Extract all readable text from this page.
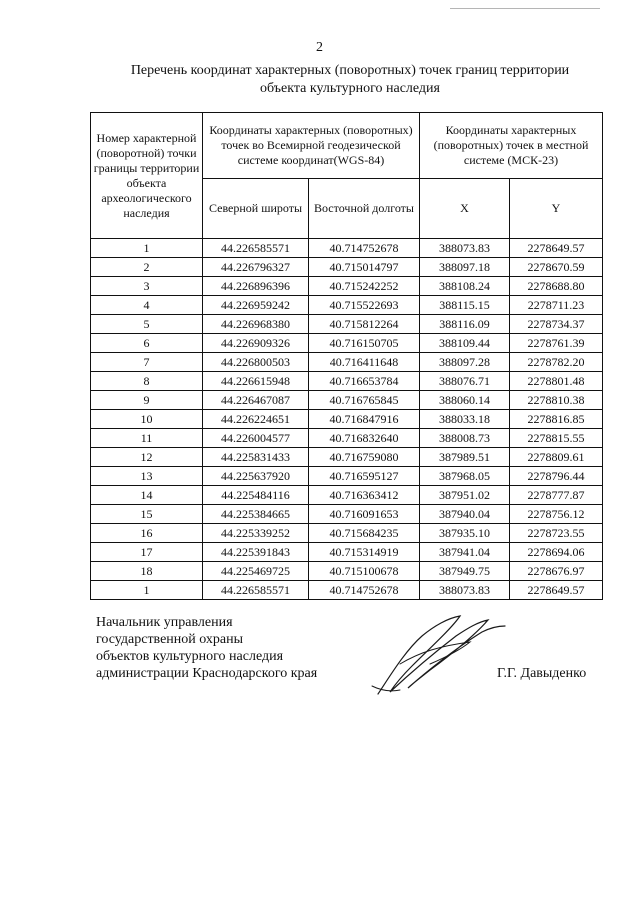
2
Перечень координат характерных (поворотных) точек границ территории
объекта культурного наследия
Номер характерной (поворотной) точки границы территории объекта археологического наследия	Координаты характерных (поворотных) точек во Всемирной геодезической системе координат(WGS-84)		Координаты характерных (поворотных) точек в местной системе (МСК-23)	
	Северной широты	Восточной долготы	X	Y
1	44.226585571	40.714752678	388073.83	2278649.57
2	44.226796327	40.715014797	388097.18	2278670.59
3	44.226896396	40.715242252	388108.24	2278688.80
4	44.226959242	40.715522693	388115.15	2278711.23
5	44.226968380	40.715812264	388116.09	2278734.37
6	44.226909326	40.716150705	388109.44	2278761.39
7	44.226800503	40.716411648	388097.28	2278782.20
8	44.226615948	40.716653784	388076.71	2278801.48
9	44.226467087	40.716765845	388060.14	2278810.38
10	44.226224651	40.716847916	388033.18	2278816.85
11	44.226004577	40.716832640	388008.73	2278815.55
12	44.225831433	40.716759080	387989.51	2278809.61
13	44.225637920	40.716595127	387968.05	2278796.44
14	44.225484116	40.716363412	387951.02	2278777.87
15	44.225384665	40.716091653	387940.04	2278756.12
16	44.225339252	40.715684235	387935.10	2278723.55
17	44.225391843	40.715314919	387941.04	2278694.06
18	44.225469725	40.715100678	387949.75	2278676.97
1	44.226585571	40.714752678	388073.83	2278649.57
Начальник управления
государственной охраны
объектов культурного наследия
администрации Краснодарского края	Г.Г. Давыденко
